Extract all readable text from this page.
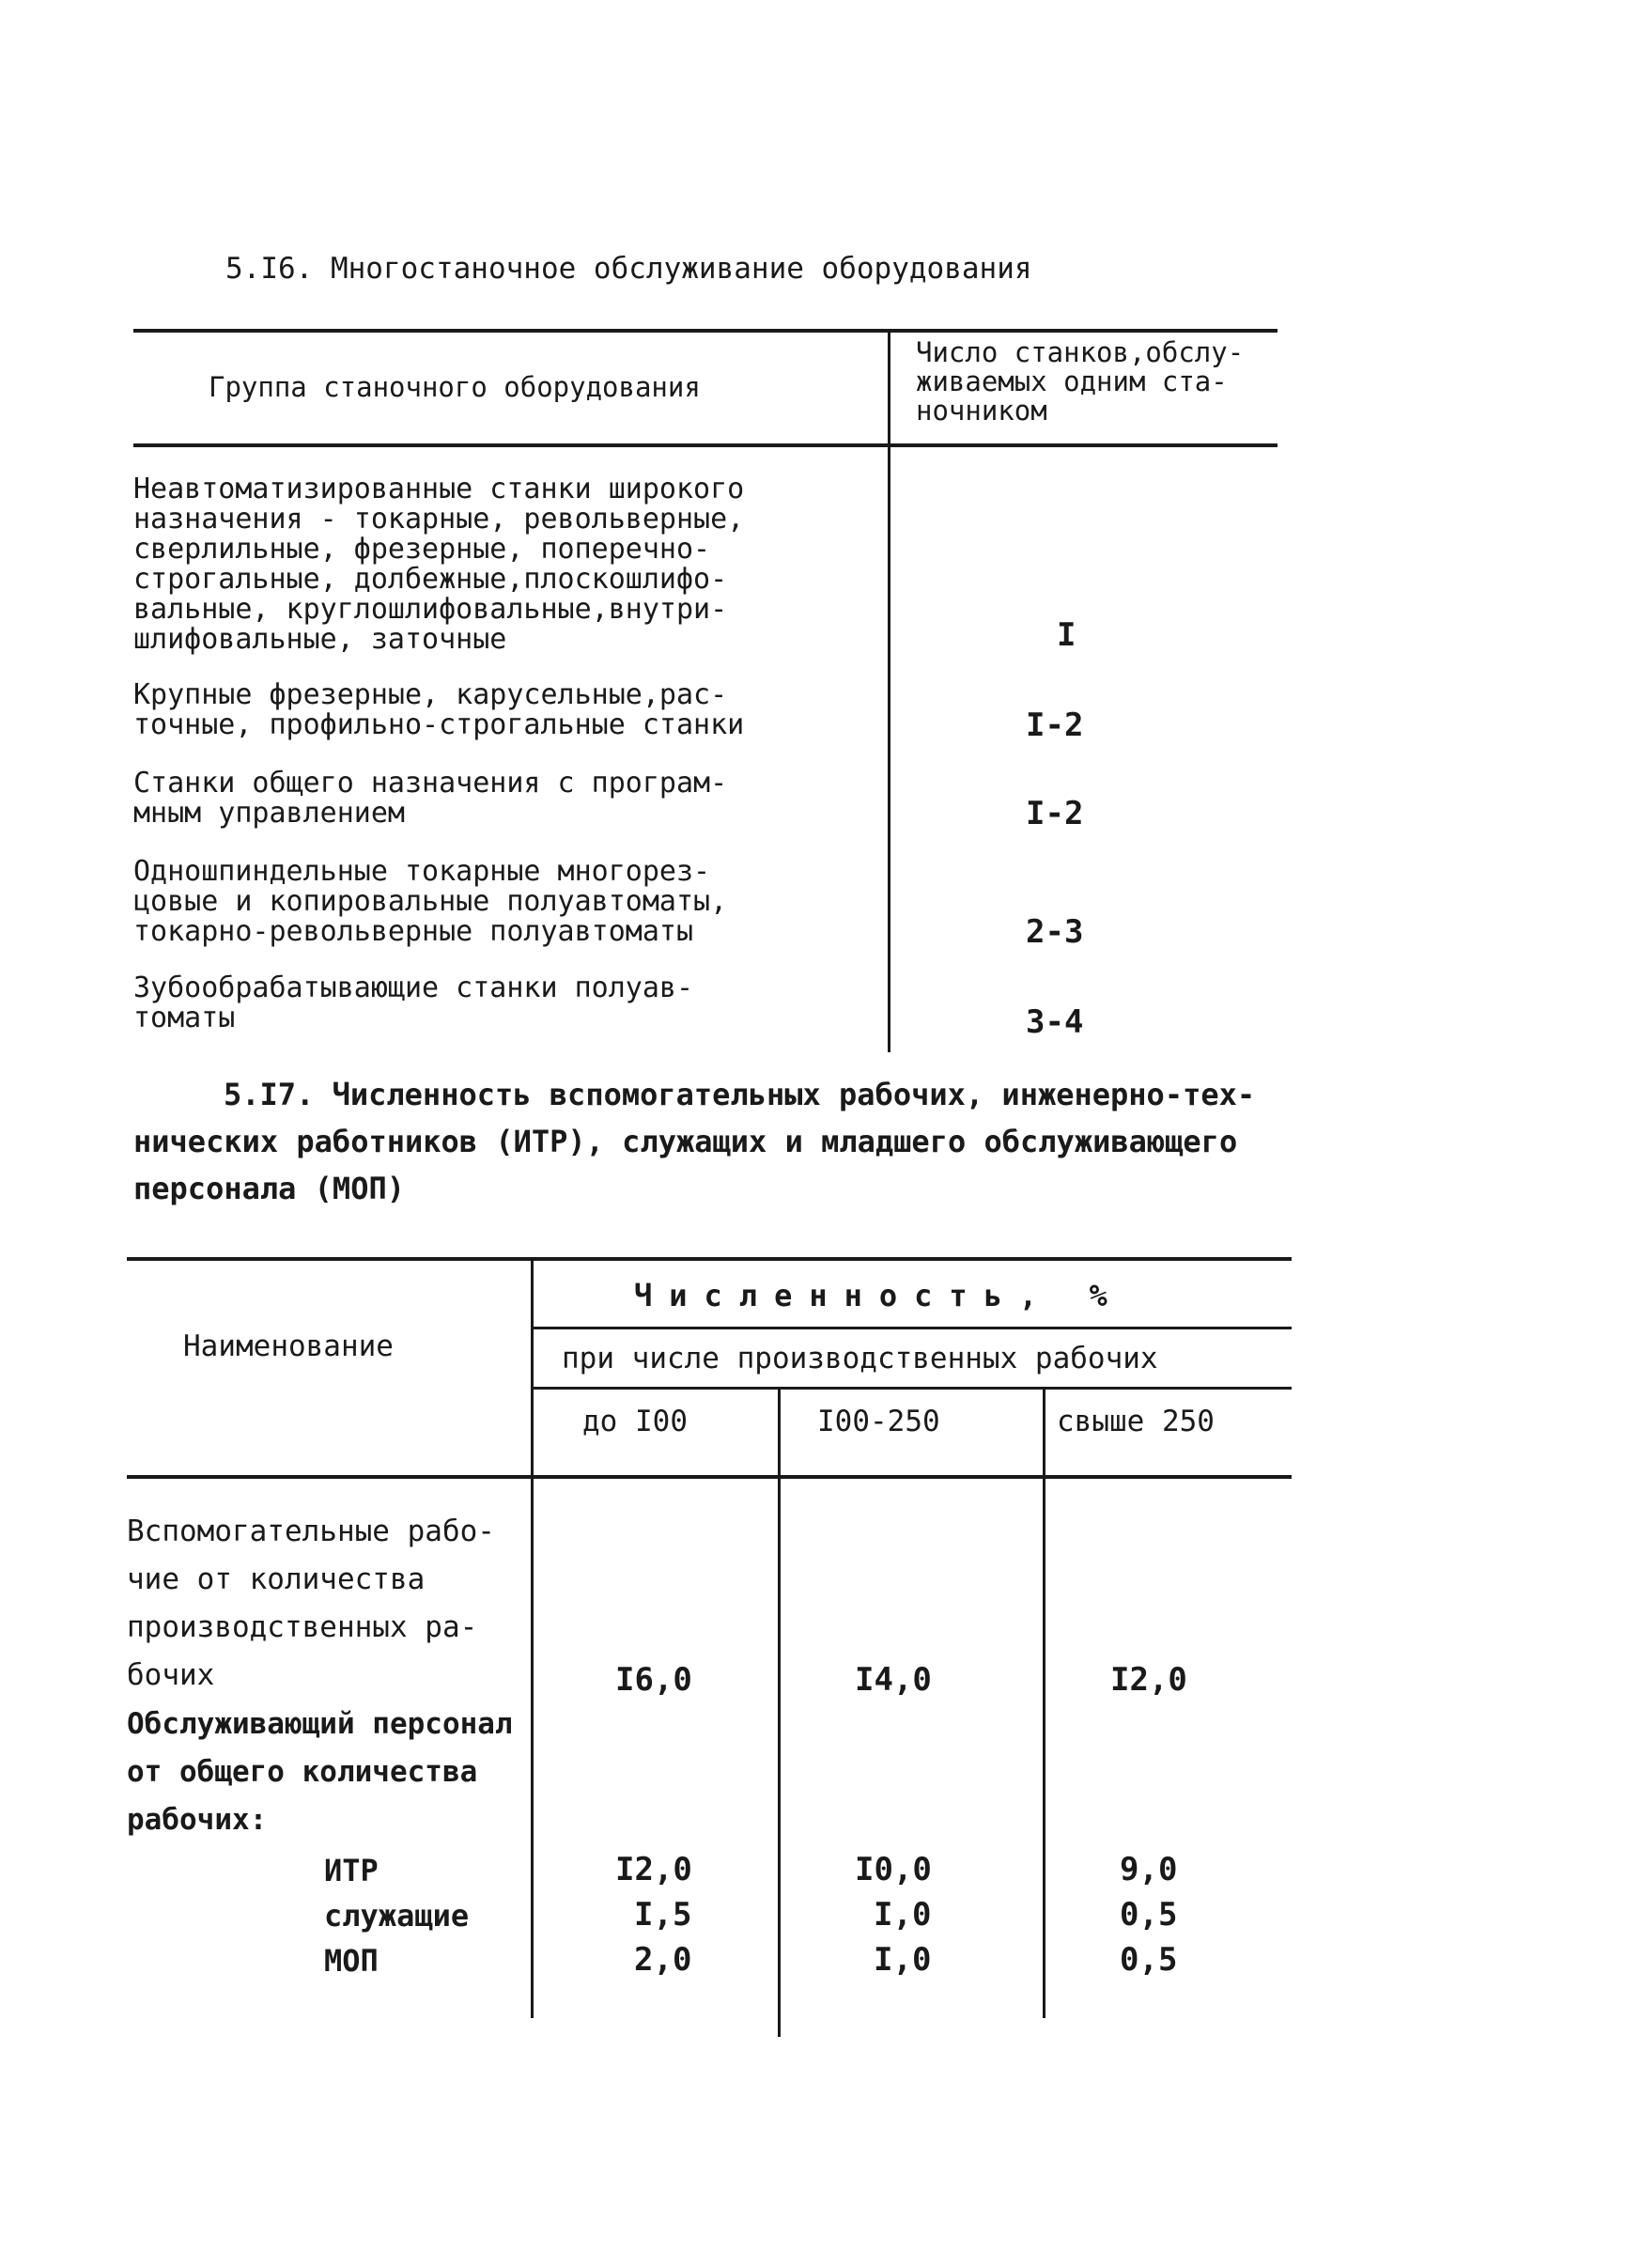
5.I6. Многостаночное обслуживание оборудования
Группа станочного оборудования
Число станков,обслу-
живаемых одним ста-
ночником
Неавтоматизированные станки широкого
назначения - токарные, револьверные,
сверлильные, фрезерные, поперечно-
строгальные, долбежные,плоскошлифо-
вальные, круглошлифовальные,внутри-
шлифовальные, заточные	I
Крупные фрезерные, карусельные,рас-
точные, профильно-строгальные станки	I-2
Станки общего назначения с програм-
мным управлением	I-2
Одношпиндельные токарные многорез-
цовые и копировальные полуавтоматы,
токарно-револьверные полуавтоматы	2-3
Зубообрабатывающие станки полуав-
томаты	3-4
5.I7. Численность вспомогательных рабочих, инженерно-тех-
нических работников (ИТР), служащих и младшего обслуживающего
персонала (МОП)
Наименование
Численность, %
при числе производственных рабочих
до I00	I00-250	свыше 250
Вспомогательные рабо-
чие от количества
производственных ра-
бочих	I6,0	I4,0	I2,0
Обслуживающий персонал
от общего количества
рабочих:
ИТР	I2,0	I0,0	9,0
служащие	I,5	I,0	0,5
МОП	2,0	I,0	0,5
